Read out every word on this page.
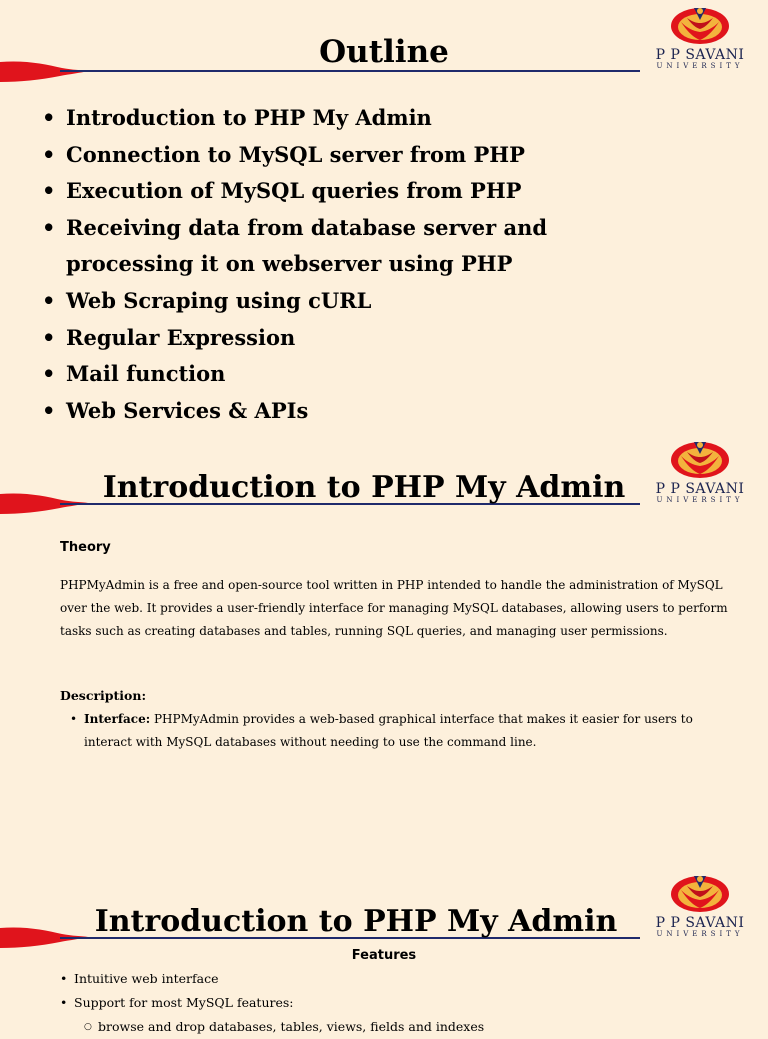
Outline	P P SAVANI
UNIVERSITY
• Introduction to PHP My Admin
• Connection to MySQL server from PHP
• Execution of MySQL queries from PHP
• Receiving data from database server and
processing it on webserver using PHP
• Web Scraping using cURL
• Regular Expression
• Mail function
• Web Services & APIs
Introduction to PHP My Admin	P P SAVANI
UNIVERSITY
Theory
PHPMyAdmin is a free and open-source tool written in PHP intended to handle the administration of MySQL over the web. It provides a user-friendly interface for managing MySQL databases, allowing users to perform tasks such as creating databases and tables, running SQL queries, and managing user permissions.
Description:
• Interface: PHPMyAdmin provides a web-based graphical interface that makes it easier for users to interact with MySQL databases without needing to use the command line.
Introduction to PHP My Admin	P P SAVANI
UNIVERSITY
Features
• Intuitive web interface
• Support for most MySQL features:
○ browse and drop databases, tables, views, fields and indexes
